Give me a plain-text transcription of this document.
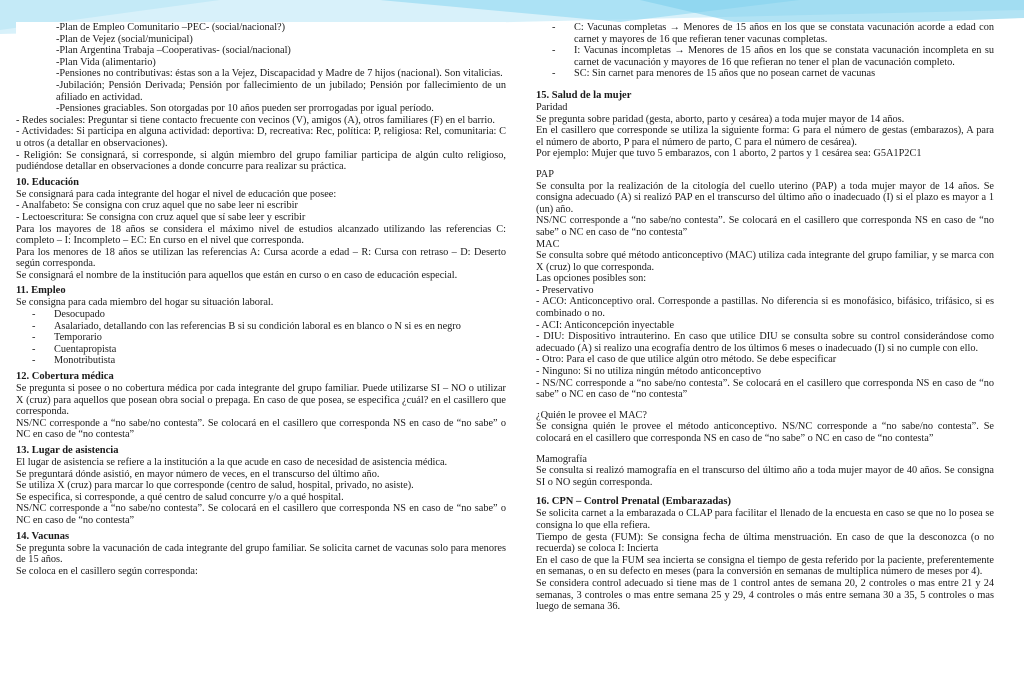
-Plan de Empleo Comunitario –PEC- (social/nacional?)

-Plan de Vejez (social/municipal)

-Plan Argentina Trabaja –Cooperativas- (social/nacional)

-Plan Vida (alimentario)

-Pensiones no contributivas: éstas son a la Vejez, Discapacidad y Madre de 7 hijos (nacional). Son vitalicias.

-Jubilación; Pensión Derivada; Pensión por fallecimiento de un jubilado; Pensión por fallecimiento de un afiliado en actividad.

-Pensiones graciables. Son otorgadas por 10 años pueden ser prorrogadas por igual período.

- Redes sociales: Preguntar si tiene contacto frecuente con vecinos (V), amigos (A), otros familiares (F) en el barrio.

- Actividades: Si participa en alguna actividad: deportiva: D, recreativa: Rec, política: P, religiosa: Rel, comunitaria: C u otros (a detallar en observaciones).

- Religión: Se consignará, si corresponde, si algún miembro del grupo familiar participa de algún culto religioso, pudiéndose detallar en observaciones a donde concurre para realizar su práctica.

10. Educación

Se consignará para cada integrante del hogar el nivel de educación que posee:

- Analfabeto: Se consigna con cruz aquel que no sabe leer ni escribir

- Lectoescritura: Se consigna con cruz aquel que sí sabe leer y escribir

Para los mayores de 18 años se considera el máximo nivel de estudios alcanzado utilizando las referencias C: completo – I: Incompleto – EC: En curso en el nivel que corresponda.

Para los menores de 18 años se utilizan las referencias A: Cursa acorde a edad – R: Cursa con retraso – D: Deserto según corresponda.

Se consignará el nombre de la institución para aquellos que están en curso o en caso de educación especial.

11. Empleo

Se consigna para cada miembro del hogar su situación laboral.

-	Desocupado
-	Asalariado, detallando con las referencias B si su condición laboral es en blanco o N si es en negro
-	Temporario
-	Cuentapropista
-	Monotributista
12. Cobertura médica

Se pregunta si posee o no cobertura médica por cada integrante del grupo familiar. Puede utilizarse SI – NO o utilizar X (cruz) para aquellos que posean obra social o prepaga. En caso de que posea, se especifica ¿cuál? en el casillero que corresponda.

NS/NC corresponde a “no sabe/no contesta”. Se colocará en el casillero que corresponda NS en caso de “no sabe” o NC en caso de “no contesta”

13. Lugar de asistencia

El lugar de asistencia se refiere a la institución a la que acude en caso de necesidad de asistencia médica.

Se preguntará dónde asistió, en mayor número de veces, en el transcurso del último año.

Se utiliza X (cruz) para marcar lo que corresponde (centro de salud, hospital, privado, no asiste).

Se especifica, si corresponde, a qué centro de salud concurre y/o a qué hospital.

NS/NC corresponde a “no sabe/no contesta”. Se colocará en el casillero que corresponda NS en caso de “no sabe” o NC en caso de “no contesta”

14. Vacunas

Se pregunta sobre la vacunación de cada integrante del grupo familiar. Se solicita carnet de vacunas solo para menores de 15 años.

Se coloca en el casillero según corresponda:

-	C: Vacunas completas → Menores de 15 años en los que se constata vacunación acorde a edad con carnet y mayores de 16 que refieran tener vacunas completas.
-	I: Vacunas incompletas → Menores de 15 años en los que se constata vacunación incompleta en su carnet de vacunación y mayores de 16 que refieran no tener el plan de vacunación completo.
-	SC: Sin carnet para menores de 15 años que no posean carnet de vacunas
15. Salud de la mujer

Paridad

Se pregunta sobre paridad (gesta, aborto, parto y cesárea) a toda mujer mayor de 14 años.

En el casillero que corresponde se utiliza la siguiente forma: G para el número de gestas (embarazos), A para el número de aborto, P para el número de parto, C para el número de cesárea).

Por ejemplo: Mujer que tuvo 5 embarazos, con 1 aborto, 2 partos y 1 cesárea sea: G5A1P2C1

PAP

Se consulta por la realización de la citología del cuello uterino (PAP) a toda mujer mayor de 14 años. Se consigna adecuado (A) si realizó PAP en el transcurso del último año o inadecuado (I) si el plazo es mayor a 1 (un) año.

NS/NC corresponde a “no sabe/no contesta”. Se colocará en el casillero que corresponda NS en caso de “no sabe” o NC en caso de “no contesta”

MAC

Se consulta sobre qué método anticonceptivo (MAC) utiliza cada integrante del grupo familiar, y se marca con X (cruz) lo que corresponda.

Las opciones posibles son:

- Preservativo

- ACO: Anticonceptivo oral. Corresponde a pastillas. No diferencia si es monofásico, bifásico, trifásico, si es combinado o no.

- ACI: Anticoncepción inyectable

- DIU: Dispositivo intrauterino. En caso que utilice DIU se consulta sobre su control considerándose como adecuado (A) si realizo una ecografía dentro de los últimos 6 meses o inadecuado (I) si no cumple con ello.

- Otro: Para el caso de que utilice algún otro método. Se debe especificar

- Ninguno: Si no utiliza ningún método anticonceptivo

- NS/NC corresponde a “no sabe/no contesta”. Se colocará en el casillero que corresponda NS en caso de “no sabe” o NC en caso de “no contesta”

¿Quién le provee el MAC?

Se consigna quién le provee el método anticonceptivo. NS/NC corresponde a “no sabe/no contesta”. Se colocará en el casillero que corresponda NS en caso de “no sabe” o NC en caso de “no contesta”

Mamografía

Se consulta si realizó mamografía en el transcurso del último año a toda mujer mayor de 40 años. Se consigna SI o NO según corresponda.

16. CPN – Control Prenatal (Embarazadas)

Se solicita carnet a la embarazada o CLAP para facilitar el llenado de la encuesta en caso se que no lo posea se consigna lo que ella refiera.

Tiempo de gesta (FUM): Se consigna fecha de última menstruación. En caso de que la desconozca (o no recuerda) se coloca I: Incierta

En el caso de que la FUM sea incierta se consigna el tiempo de gesta referido por la paciente, preferentemente en semanas, o en su defecto en meses (para la conversión en semanas de multiplica número de meses por 4).

Se considera control adecuado si tiene mas de 1 control antes de semana 20, 2 controles o mas entre 21 y 24 semanas, 3 controles o mas entre semana 25 y 29, 4 controles o más entre semana 30 a 35, 5 controles o mas luego de semana 36.
